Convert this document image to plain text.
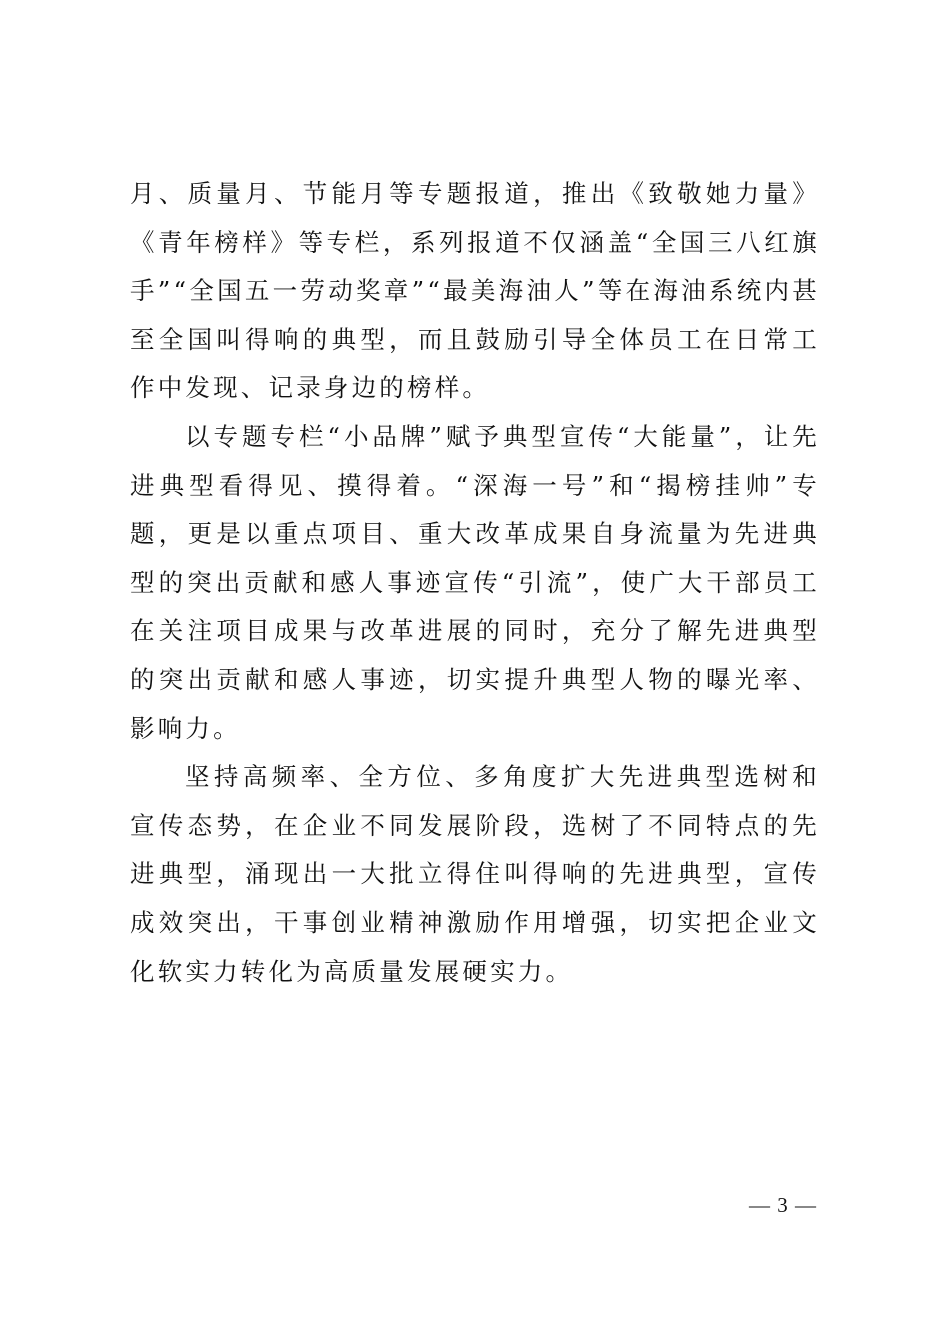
月、质量月、节能月等专题报道，推出《致敬她力量》《青年榜样》等专栏，系列报道不仅涵盖“全国三八红旗手”“全国五一劳动奖章”“最美海油人”等在海油系统内甚至全国叫得响的典型，而且鼓励引导全体员工在日常工作中发现、记录身边的榜样。

以专题专栏“小品牌”赋予典型宣传“大能量”，让先进典型看得见、摸得着。“深海一号”和“揭榜挂帅”专题，更是以重点项目、重大改革成果自身流量为先进典型的突出贡献和感人事迹宣传“引流”，使广大干部员工在关注项目成果与改革进展的同时，充分了解先进典型的突出贡献和感人事迹，切实提升典型人物的曝光率、影响力。

坚持高频率、全方位、多角度扩大先进典型选树和宣传态势，在企业不同发展阶段，选树了不同特点的先进典型，涌现出一大批立得住叫得响的先进典型，宣传成效突出，干事创业精神激励作用增强，切实把企业文化软实力转化为高质量发展硬实力。

— 3 —
